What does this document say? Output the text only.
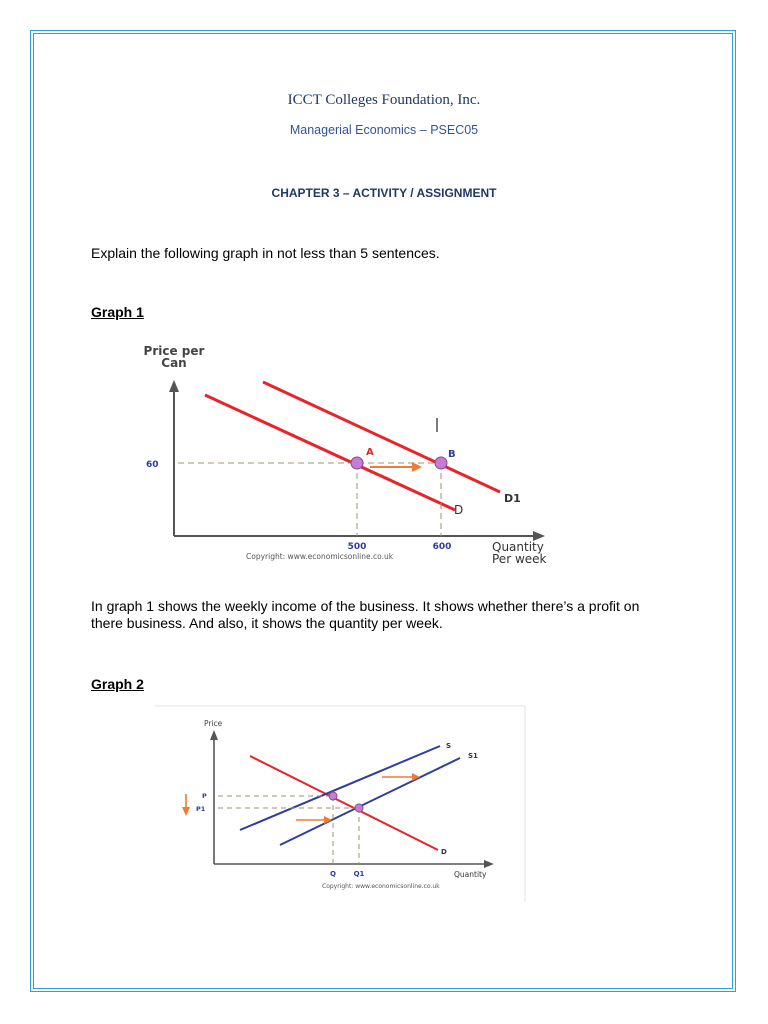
ICCT Colleges Foundation, Inc.
Managerial Economics – PSEC05
CHAPTER 3 – ACTIVITY / ASSIGNMENT
Explain the following graph in not less than 5 sentences.
Graph 1
Price per
Can
A	B
D
D1
60
500	600	Quantity
Per week
Copyright: www.economicsonline.co.uk
In graph 1 shows the weekly income of the business. It shows whether there’s a profit on
there business. And also, it shows the quantity per week.
Graph 2
Price
S
S1
D
P
P1
Q	Q1	Quantity
Copyright: www.economicsonline.co.uk
